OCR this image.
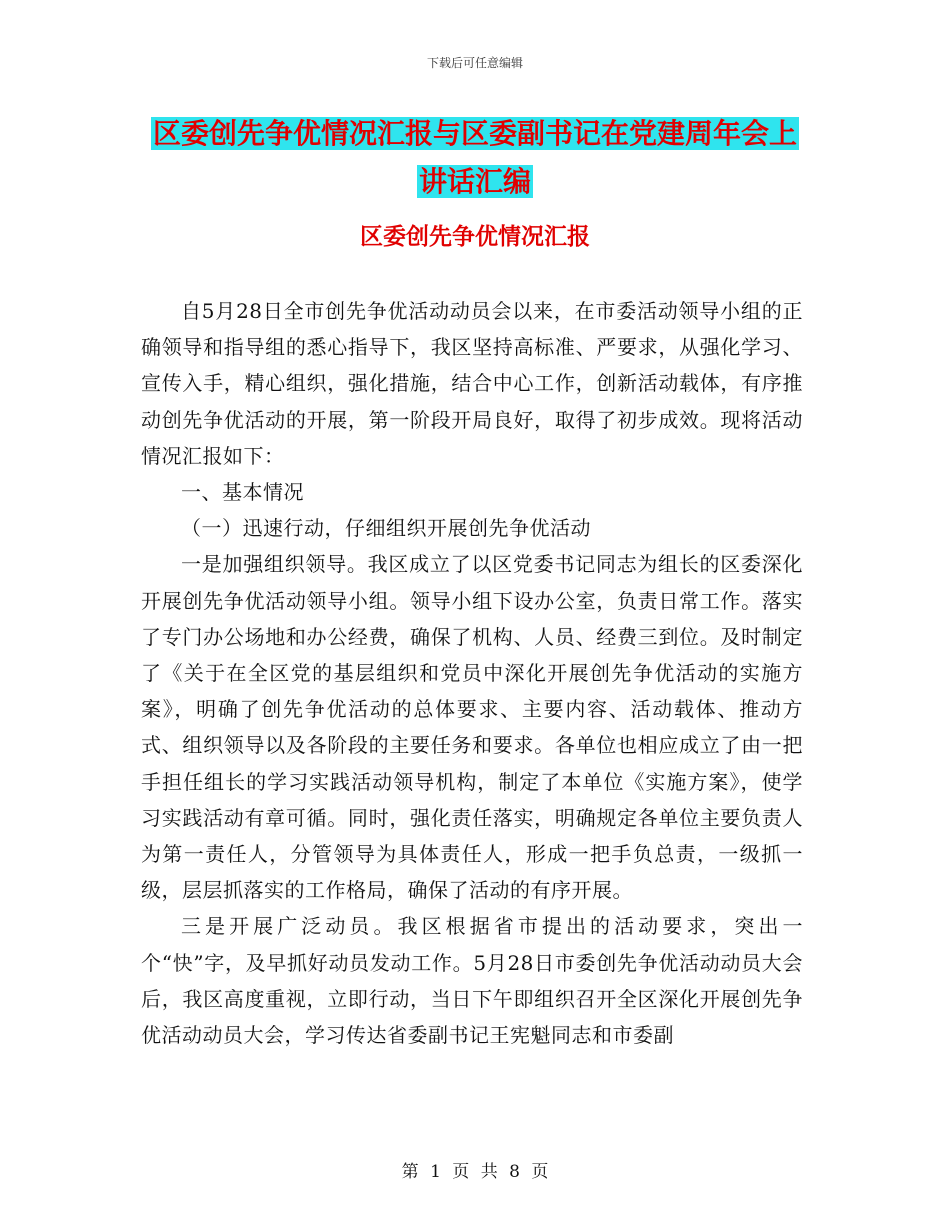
下载后可任意编辑
区委创先争优情况汇报与区委副书记在党建周年会上
讲话汇编
区委创先争优情况汇报

自5月28日全市创先争优活动动员会以来，在市委活动领导小组的正确领导和指导组的悉心指导下，我区坚持高标准、严要求，从强化学习、宣传入手，精心组织，强化措施，结合中心工作，创新活动载体，有序推动创先争优活动的开展，第一阶段开局良好，取得了初步成效。现将活动情况汇报如下：

一、基本情况

（一）迅速行动，仔细组织开展创先争优活动

一是加强组织领导。我区成立了以区党委书记同志为组长的区委深化开展创先争优活动领导小组。领导小组下设办公室，负责日常工作。落实了专门办公场地和办公经费，确保了机构、人员、经费三到位。及时制定了《关于在全区党的基层组织和党员中深化开展创先争优活动的实施方案》，明确了创先争优活动的总体要求、主要内容、活动载体、推动方式、组织领导以及各阶段的主要任务和要求。各单位也相应成立了由一把手担任组长的学习实践活动领导机构，制定了本单位《实施方案》，使学习实践活动有章可循。同时，强化责任落实，明确规定各单位主要负责人为第一责任人，分管领导为具体责任人，形成一把手负总责，一级抓一级，层层抓落实的工作格局，确保了活动的有序开展。

三是开展广泛动员。我区根据省市提出的活动要求，突出一个“快”字，及早抓好动员发动工作。5月28日市委创先争优活动动员大会后，我区高度重视，立即行动，当日下午即组织召开全区深化开展创先争优活动动员大会，学习传达省委副书记王宪魁同志和市委副

第 1 页 共 8 页
